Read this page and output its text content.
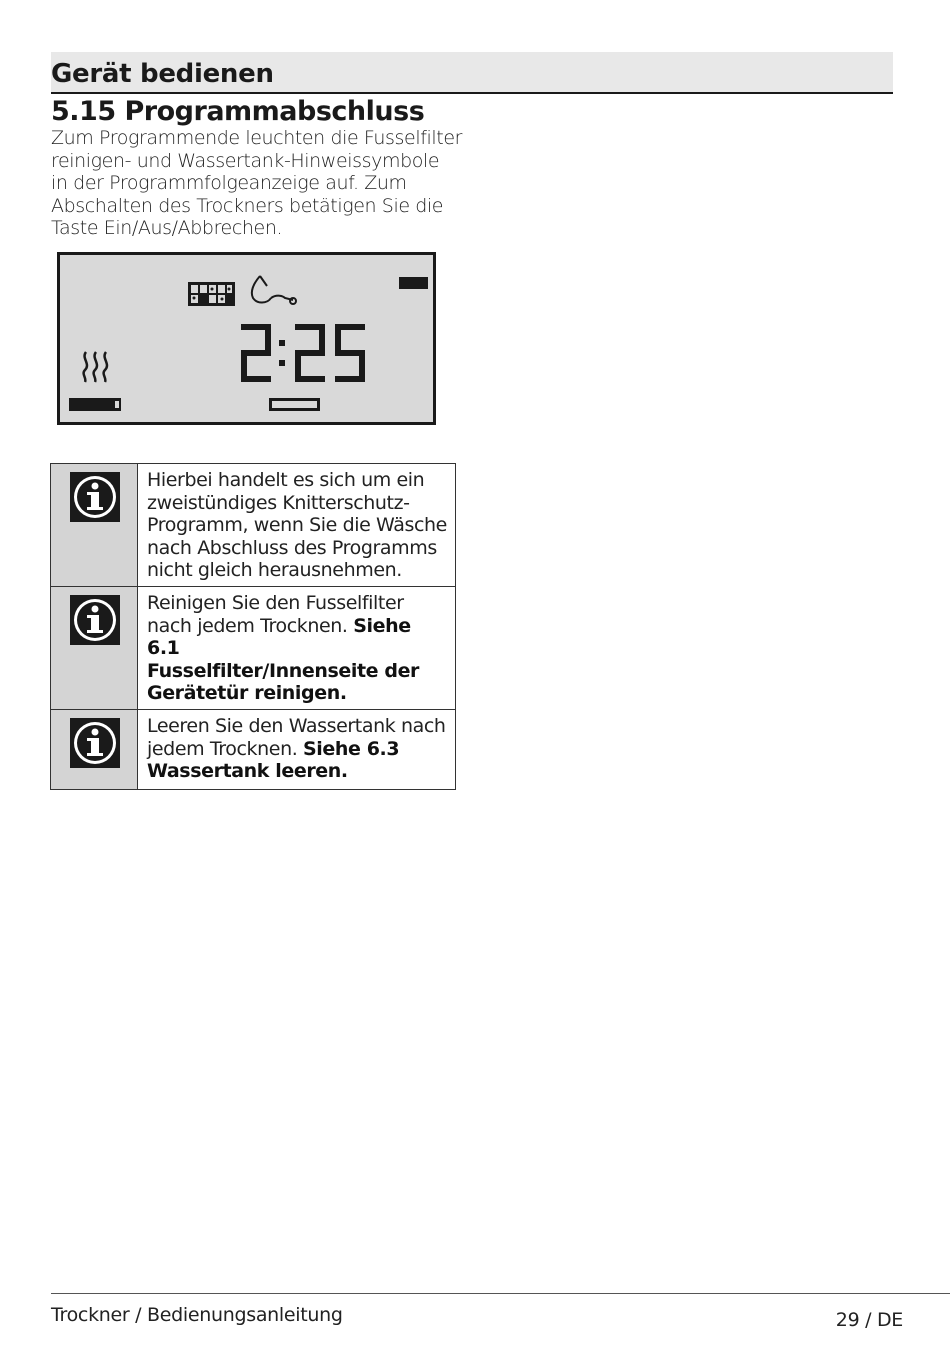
Gerät bedienen
5.15 Programmabschluss
Zum Programmende leuchten die Fusselfilter
reinigen- und Wassertank-Hinweissymbole
in der Programmfolgeanzeige auf. Zum
Abschalten des Trockners betätigen Sie die
Taste Ein/Aus/Abbrechen.

Hierbei handelt es sich um ein
zweistündiges Knitterschutz-
Programm, wenn Sie die Wäsche
nach Abschluss des Programms
nicht gleich herausnehmen.

Reinigen Sie den Fusselfilter
nach jedem Trocknen. Siehe 6.1
Fusselfilter/Innenseite der
Gerätetür reinigen.

Leeren Sie den Wassertank nach
jedem Trocknen. Siehe 6.3
Wassertank leeren.
Trockner / Bedienungsanleitung	29 / DE
